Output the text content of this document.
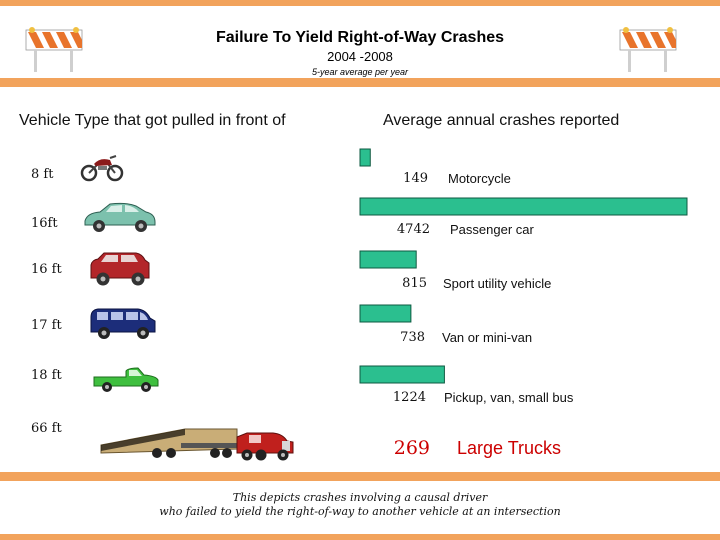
Failure To Yield Right-of-Way Crashes
2004 -2008
5-year average per year
Vehicle Type that got pulled in front of	Average annual crashes reported
8 ft
16ft
16 ft
17 ft
18 ft
66 ft
149
4742
815
738
1224
269
Motorcycle
Passenger car
Sport utility vehicle
Van or mini-van
Pickup, van, small bus
Large Trucks
This depicts crashes involving a causal driver
who failed to yield the right-of-way to another vehicle at an intersection
